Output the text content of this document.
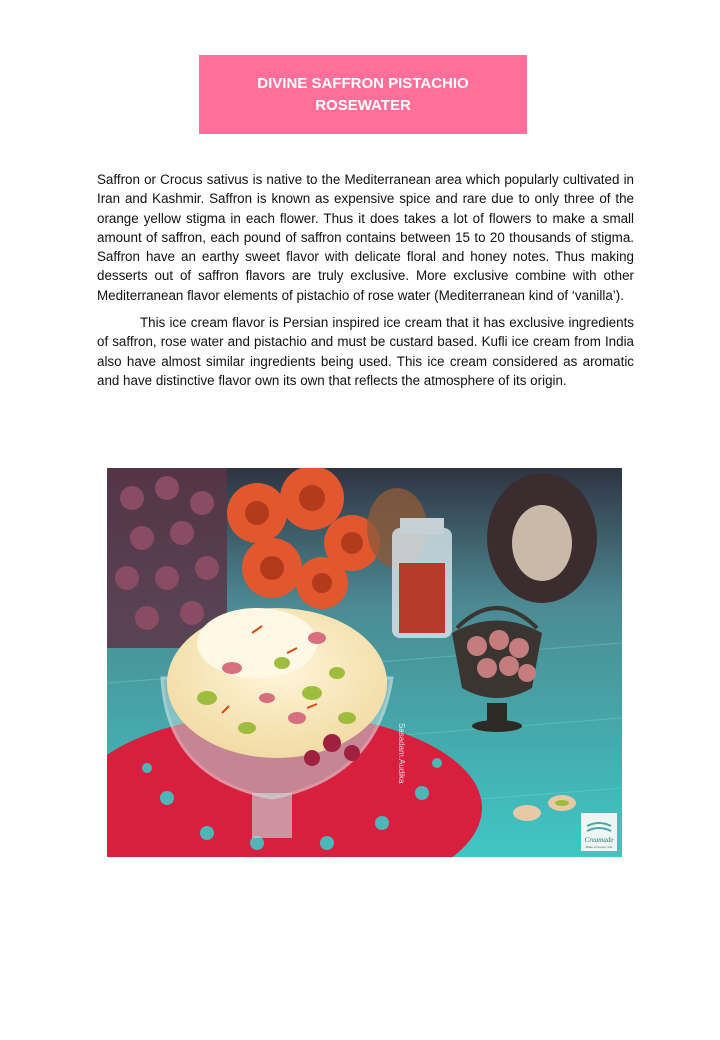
DIVINE SAFFRON PISTACHIO
ROSEWATER

Saffron or Crocus sativus is native to the Mediterranean area which popularly cultivated in Iran and Kashmir. Saffron is known as expensive spice and rare due to only three of the orange yellow stigma in each flower. Thus it does takes a lot of flowers to make a small amount of saffron, each pound of saffron contains between 15 to 20 thousands of stigma. Saffron have an earthy sweet flavor with delicate floral and honey notes. Thus making desserts out of saffron flavors are truly exclusive. More exclusive combine with other Mediterranean flavor elements of pistachio of rose water (Mediterranean kind of ‘vanilla’).

This ice cream flavor is Persian inspired ice cream that it has exclusive ingredients of saffron, rose water and pistachio and must be custard based. Kufli ice cream from India also have almost similar ingredients being used. This ice cream considered as aromatic and have distinctive flavor own its own that reflects the atmosphere of its origin.

Sasadam.Audika
Creamade
Make a Creamy Life
